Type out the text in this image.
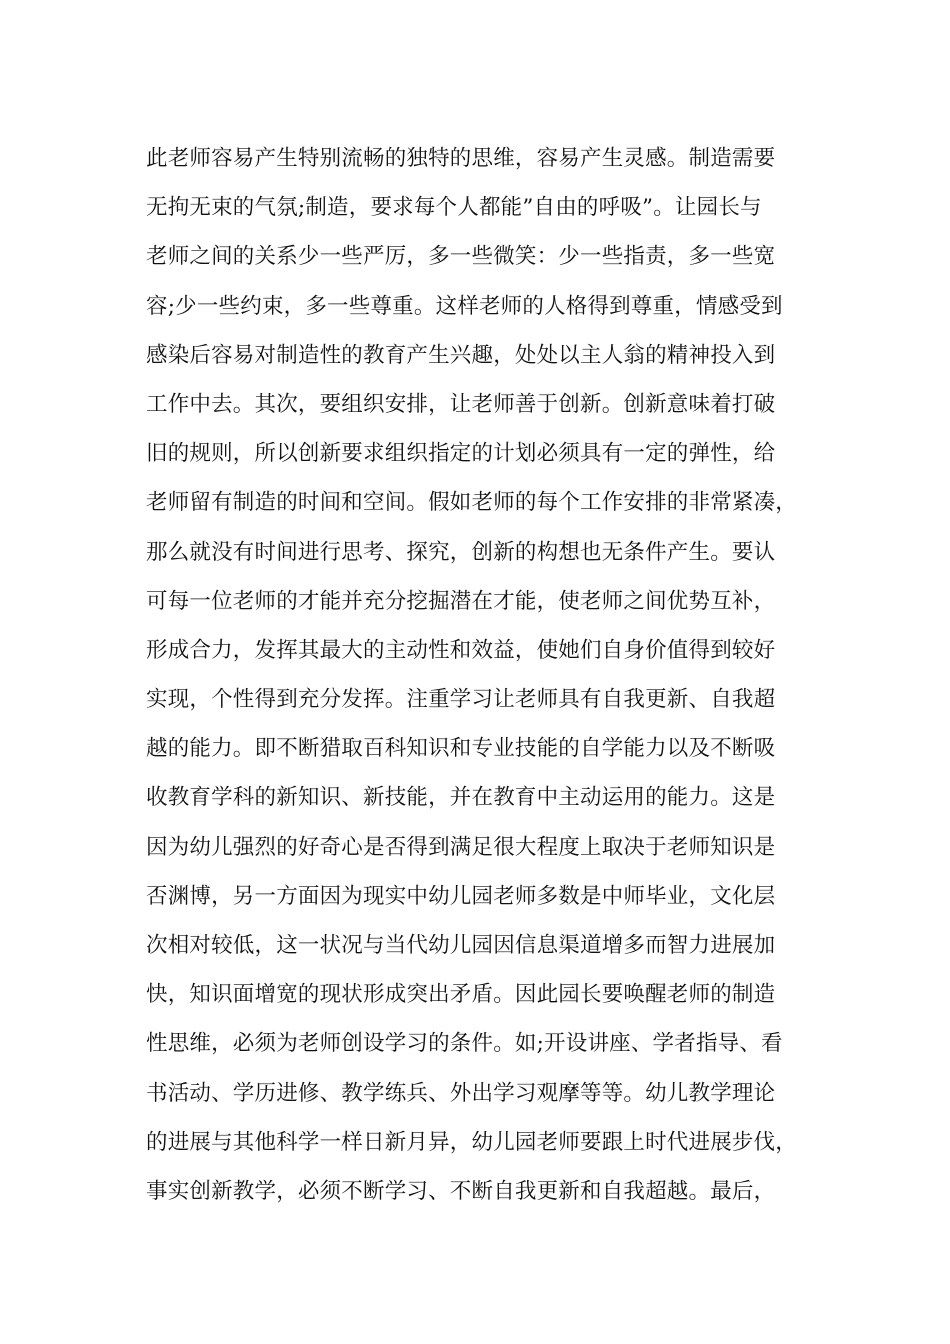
此老师容易产生特别流畅的独特的思维，容易产生灵感。制造需要
无拘无束的气氛;制造，要求每个人都能”自由的呼吸”。让园长与
老师之间的关系少一些严厉，多一些微笑：少一些指责，多一些宽
容;少一些约束，多一些尊重。这样老师的人格得到尊重，情感受到
感染后容易对制造性的教育产生兴趣，处处以主人翁的精神投入到
工作中去。其次，要组织安排，让老师善于创新。创新意味着打破
旧的规则，所以创新要求组织指定的计划必须具有一定的弹性，给
老师留有制造的时间和空间。假如老师的每个工作安排的非常紧凑，
那么就没有时间进行思考、探究，创新的构想也无条件产生。要认
可每一位老师的才能并充分挖掘潜在才能，使老师之间优势互补，
形成合力，发挥其最大的主动性和效益，使她们自身价值得到较好
实现，个性得到充分发挥。注重学习让老师具有自我更新、自我超
越的能力。即不断猎取百科知识和专业技能的自学能力以及不断吸
收教育学科的新知识、新技能，并在教育中主动运用的能力。这是
因为幼儿强烈的好奇心是否得到满足很大程度上取决于老师知识是
否渊博，另一方面因为现实中幼儿园老师多数是中师毕业，文化层
次相对较低，这一状况与当代幼儿园因信息渠道增多而智力进展加
快，知识面增宽的现状形成突出矛盾。因此园长要唤醒老师的制造
性思维，必须为老师创设学习的条件。如;开设讲座、学者指导、看
书活动、学历进修、教学练兵、外出学习观摩等等。幼儿教学理论
的进展与其他科学一样日新月异，幼儿园老师要跟上时代进展步伐，
事实创新教学，必须不断学习、不断自我更新和自我超越。最后，
